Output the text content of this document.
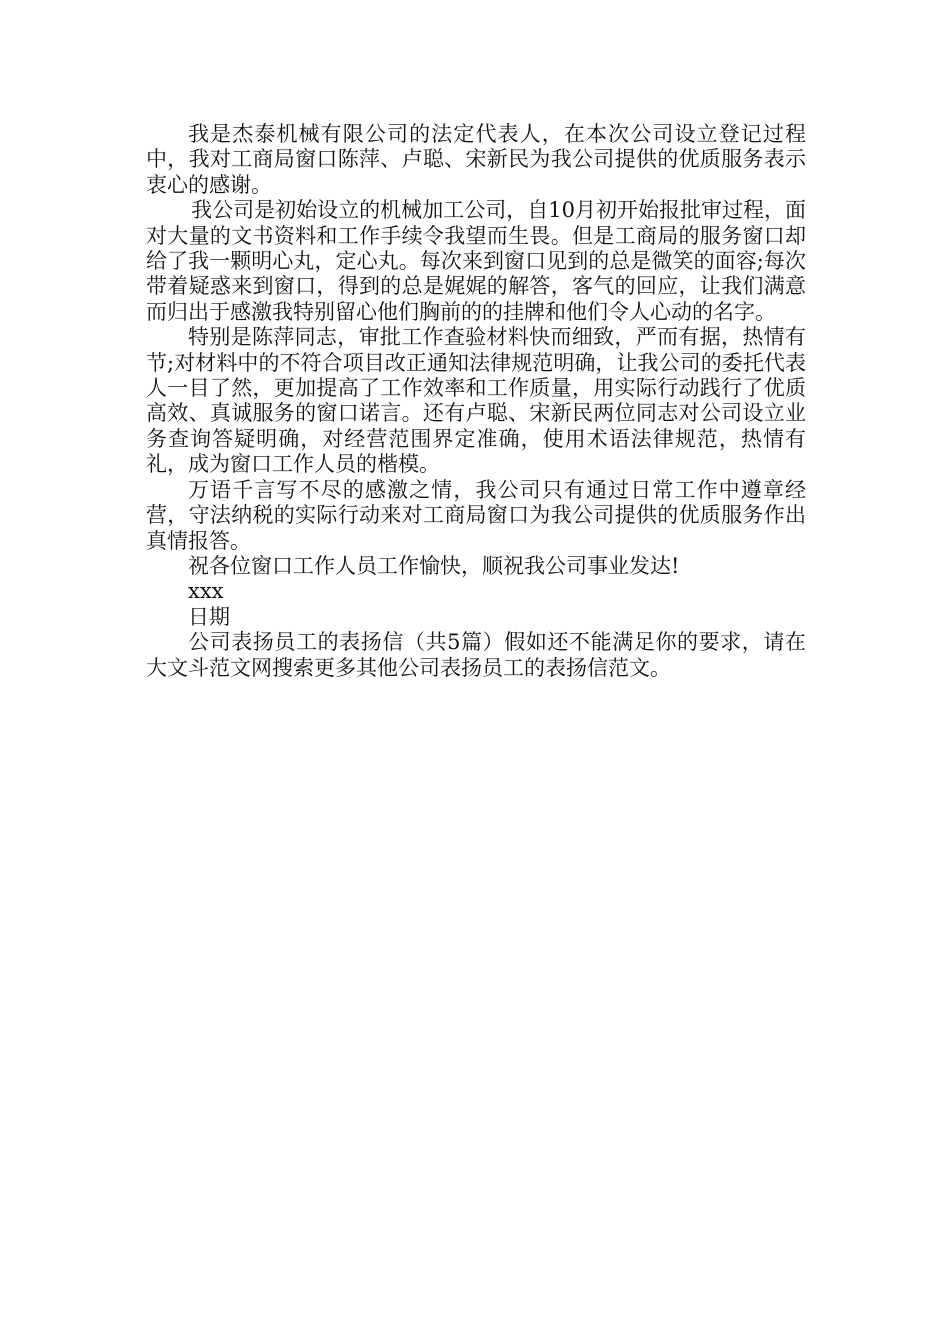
我是杰泰机械有限公司的法定代表人，在本次公司设立登记过程中，我对工商局窗口陈萍、卢聪、宋新民为我公司提供的优质服务表示衷心的感谢。

我公司是初始设立的机械加工公司，自10月初开始报批审过程，面对大量的文书资料和工作手续令我望而生畏。但是工商局的服务窗口却给了我一颗明心丸，定心丸。每次来到窗口见到的总是微笑的面容;每次带着疑惑来到窗口，得到的总是娓娓的解答，客气的回应，让我们满意而归出于感激我特别留心他们胸前的的挂牌和他们令人心动的名字。

特别是陈萍同志，审批工作查验材料快而细致，严而有据，热情有节;对材料中的不符合项目改正通知法律规范明确，让我公司的委托代表人一目了然，更加提高了工作效率和工作质量，用实际行动践行了优质高效、真诚服务的窗口诺言。还有卢聪、宋新民两位同志对公司设立业务查询答疑明确，对经营范围界定准确，使用术语法律规范，热情有礼，成为窗口工作人员的楷模。

万语千言写不尽的感激之情，我公司只有通过日常工作中遵章经营，守法纳税的实际行动来对工商局窗口为我公司提供的优质服务作出真情报答。

祝各位窗口工作人员工作愉快，顺祝我公司事业发达!

xxx

日期

公司表扬员工的表扬信（共5篇）假如还不能满足你的要求，请在大文斗范文网搜索更多其他公司表扬员工的表扬信范文。
